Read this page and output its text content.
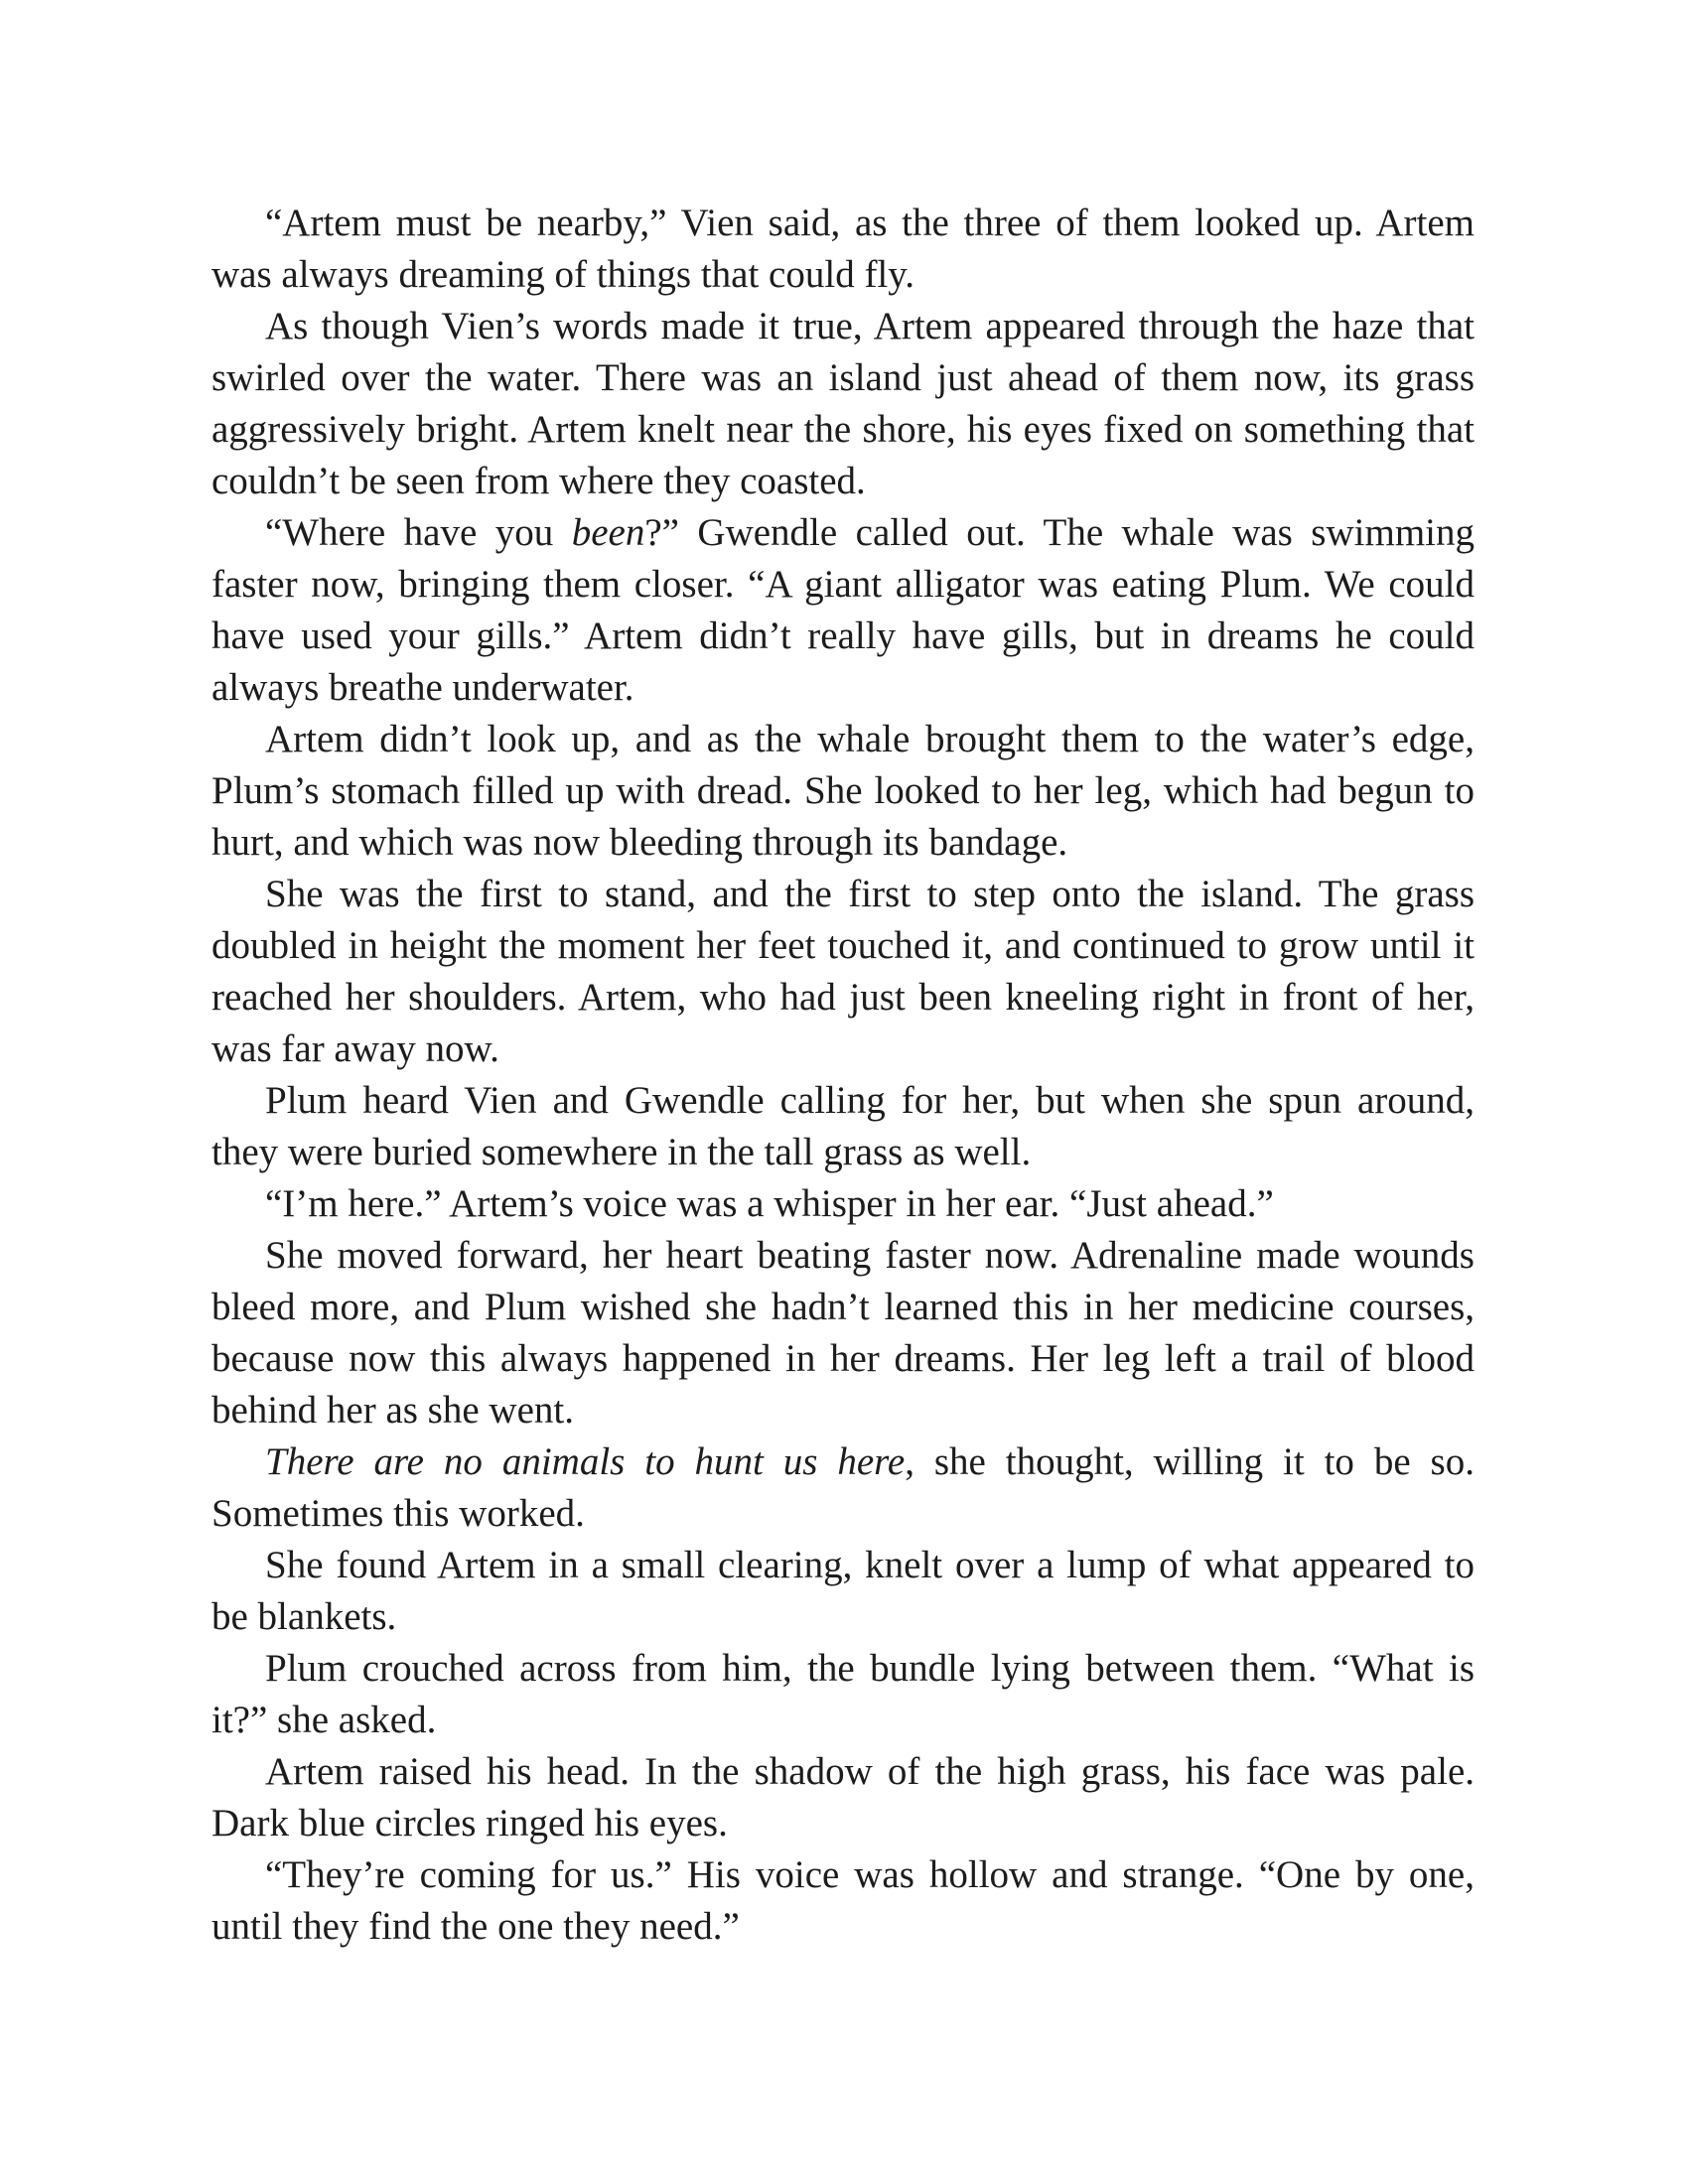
“Artem must be nearby,” Vien said, as the three of them looked up. Artem was always dreaming of things that could fly.

As though Vien’s words made it true, Artem appeared through the haze that swirled over the water. There was an island just ahead of them now, its grass aggressively bright. Artem knelt near the shore, his eyes fixed on something that couldn’t be seen from where they coasted.

“Where have you been?” Gwendle called out. The whale was swimming faster now, bringing them closer. “A giant alligator was eating Plum. We could have used your gills.” Artem didn’t really have gills, but in dreams he could always breathe underwater.

Artem didn’t look up, and as the whale brought them to the water’s edge, Plum’s stomach filled up with dread. She looked to her leg, which had begun to hurt, and which was now bleeding through its bandage.

She was the first to stand, and the first to step onto the island. The grass doubled in height the moment her feet touched it, and continued to grow until it reached her shoulders. Artem, who had just been kneeling right in front of her, was far away now.

Plum heard Vien and Gwendle calling for her, but when she spun around, they were buried somewhere in the tall grass as well.

“I’m here.” Artem’s voice was a whisper in her ear. “Just ahead.”

She moved forward, her heart beating faster now. Adrenaline made wounds bleed more, and Plum wished she hadn’t learned this in her medicine courses, because now this always happened in her dreams. Her leg left a trail of blood behind her as she went.

There are no animals to hunt us here, she thought, willing it to be so. Sometimes this worked.

She found Artem in a small clearing, knelt over a lump of what appeared to be blankets.

Plum crouched across from him, the bundle lying between them. “What is it?” she asked.

Artem raised his head. In the shadow of the high grass, his face was pale. Dark blue circles ringed his eyes.

“They’re coming for us.” His voice was hollow and strange. “One by one, until they find the one they need.”
